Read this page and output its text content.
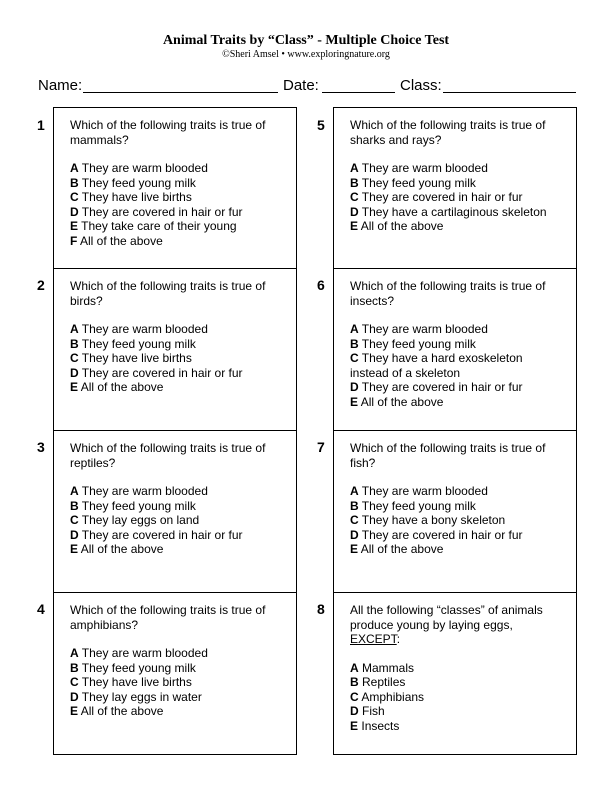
Animal Traits by “Class” - Multiple Choice Test
©Sheri Amsel • www.exploringnature.org
Name:	Date:	Class:
1 Which of the following traits is true of mammals?

A They are warm blooded

B They feed young milk

C They have live births

D They are covered in hair or fur

E They take care of their young

F All of the above

2 Which of the following traits is true of birds?

A They are warm blooded

B They feed young milk

C They have live births

D They are covered in hair or fur

E All of the above

3 Which of the following traits is true of reptiles?

A They are warm blooded

B They feed young milk

C They lay eggs on land

D They are covered in hair or fur

E All of the above

4 Which of the following traits is true of amphibians?

A They are warm blooded

B They feed young milk

C They have live births

D They lay eggs in water

E All of the above

5 Which of the following traits is true of sharks and rays?

A They are warm blooded

B They feed young milk

C They are covered in hair or fur

D They have a cartilaginous skeleton

E All of the above

6 Which of the following traits is true of insects?

A They are warm blooded

B They feed young milk

C They have a hard exoskeleton instead of a skeleton

D They are covered in hair or fur

E All of the above

7 Which of the following traits is true of fish?

A They are warm blooded

B They feed young milk

C They have a bony skeleton

D They are covered in hair or fur

E All of the above

8 All the following “classes” of animals produce young by laying eggs, EXCEPT:

A Mammals

B Reptiles

C Amphibians

D Fish

E Insects
